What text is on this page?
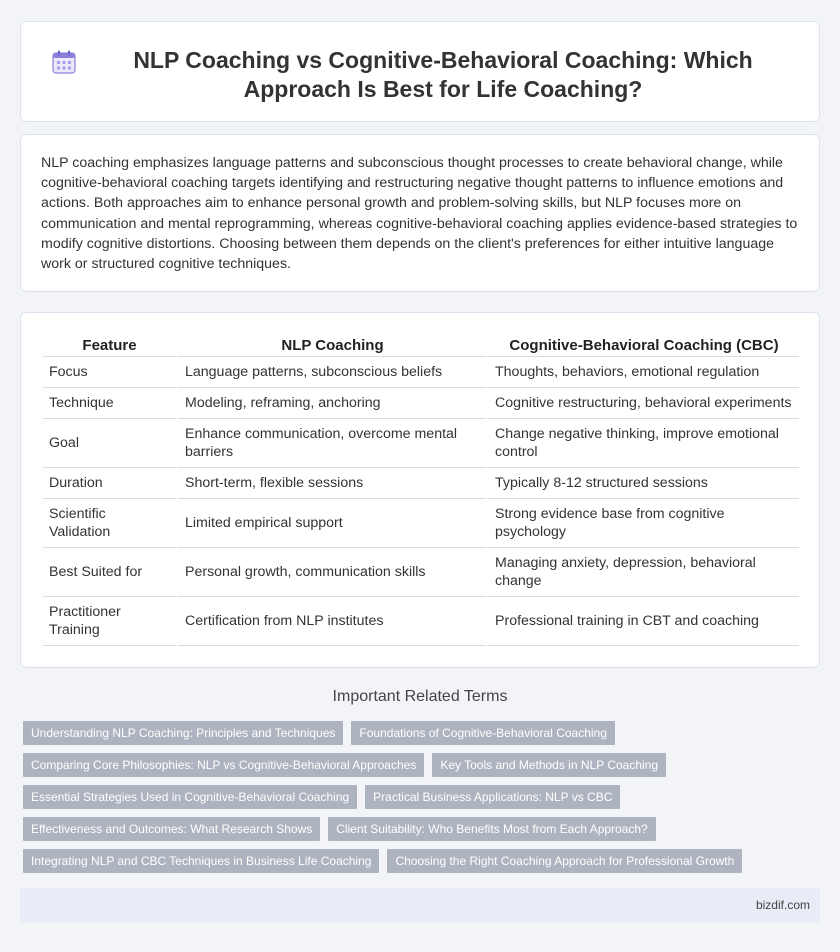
NLP Coaching vs Cognitive-Behavioral Coaching: Which Approach Is Best for Life Coaching?

NLP coaching emphasizes language patterns and subconscious thought processes to create behavioral change, while cognitive-behavioral coaching targets identifying and restructuring negative thought patterns to influence emotions and actions. Both approaches aim to enhance personal growth and problem-solving skills, but NLP focuses more on communication and mental reprogramming, whereas cognitive-behavioral coaching applies evidence-based strategies to modify cognitive distortions. Choosing between them depends on the client's preferences for either intuitive language work or structured cognitive techniques.

Feature	NLP Coaching	Cognitive-Behavioral Coaching (CBC)
Focus	Language patterns, subconscious beliefs	Thoughts, behaviors, emotional regulation
Technique	Modeling, reframing, anchoring	Cognitive restructuring, behavioral experiments
Goal	Enhance communication, overcome mental barriers	Change negative thinking, improve emotional control
Duration	Short-term, flexible sessions	Typically 8-12 structured sessions
Scientific Validation	Limited empirical support	Strong evidence base from cognitive psychology
Best Suited for	Personal growth, communication skills	Managing anxiety, depression, behavioral change
Practitioner Training	Certification from NLP institutes	Professional training in CBT and coaching
Important Related Terms
Understanding NLP Coaching: Principles and Techniques	Foundations of Cognitive-Behavioral Coaching
Comparing Core Philosophies: NLP vs Cognitive-Behavioral Approaches	Key Tools and Methods in NLP Coaching
Essential Strategies Used in Cognitive-Behavioral Coaching	Practical Business Applications: NLP vs CBC
Effectiveness and Outcomes: What Research Shows	Client Suitability: Who Benefits Most from Each Approach?
Integrating NLP and CBC Techniques in Business Life Coaching	Choosing the Right Coaching Approach for Professional Growth
bizdif.com
